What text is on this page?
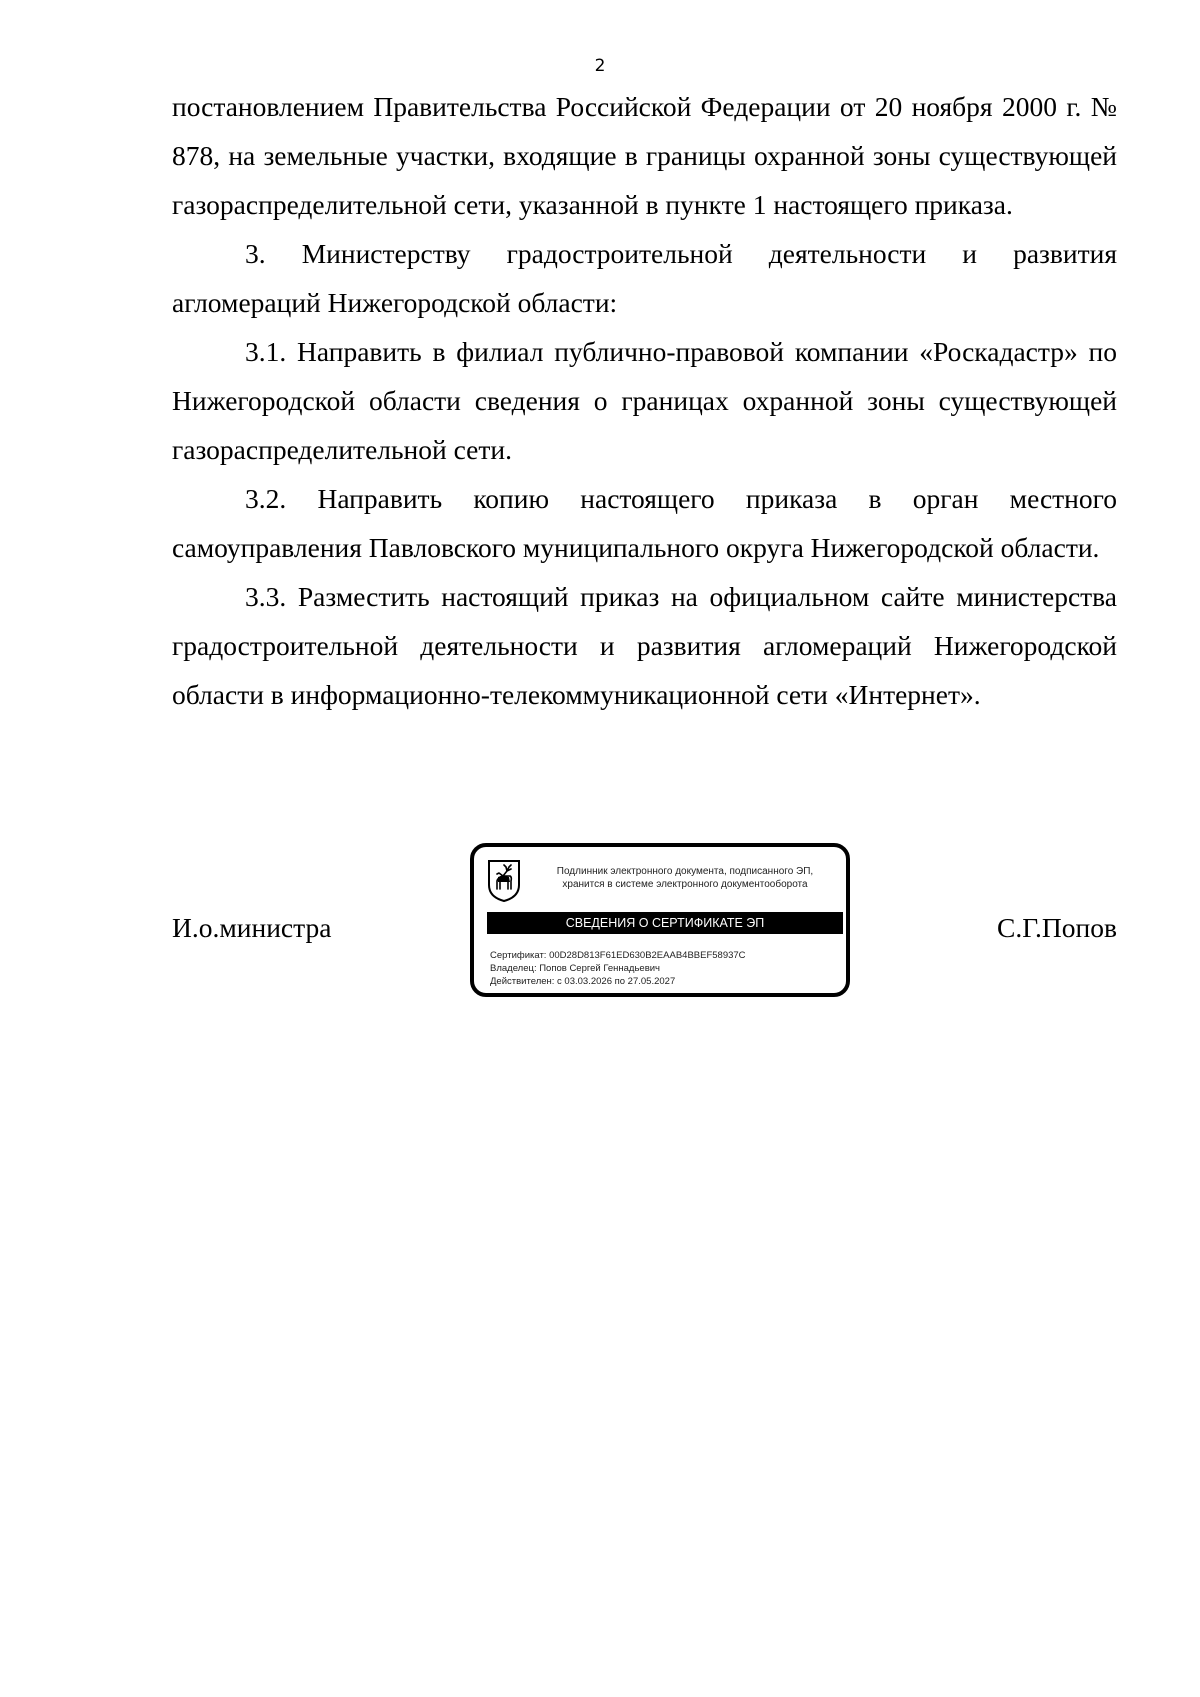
2

постановлением Правительства Российской Федерации от 20 ноября 2000 г. № 878, на земельные участки, входящие в границы охранной зоны существующей газораспределительной сети, указанной в пункте 1 настоящего приказа.

3. Министерству градостроительной деятельности и развития агломераций Нижегородской области:

3.1. Направить в филиал публично-правовой компании «Роскадастр» по Нижегородской области сведения о границах охранной зоны существующей газораспределительной сети.

3.2. Направить копию настоящего приказа в орган местного самоуправления Павловского муниципального округа Нижегородской области.

3.3. Разместить настоящий приказ на официальном сайте министерства градостроительной деятельности и развития агломераций Нижегородской области в информационно-телекоммуникационной сети «Интернет».

И.о.министра	С.Г.Попов
Подлинник электронного документа, подписанного ЭП,
хранится в системе электронного документооборота
СВЕДЕНИЯ О СЕРТИФИКАТЕ ЭП
Сертификат: 00D28D813F61ED630B2EAAB4BBEF58937C
Владелец: Попов Сергей Геннадьевич
Действителен: с 03.03.2026 по 27.05.2027
